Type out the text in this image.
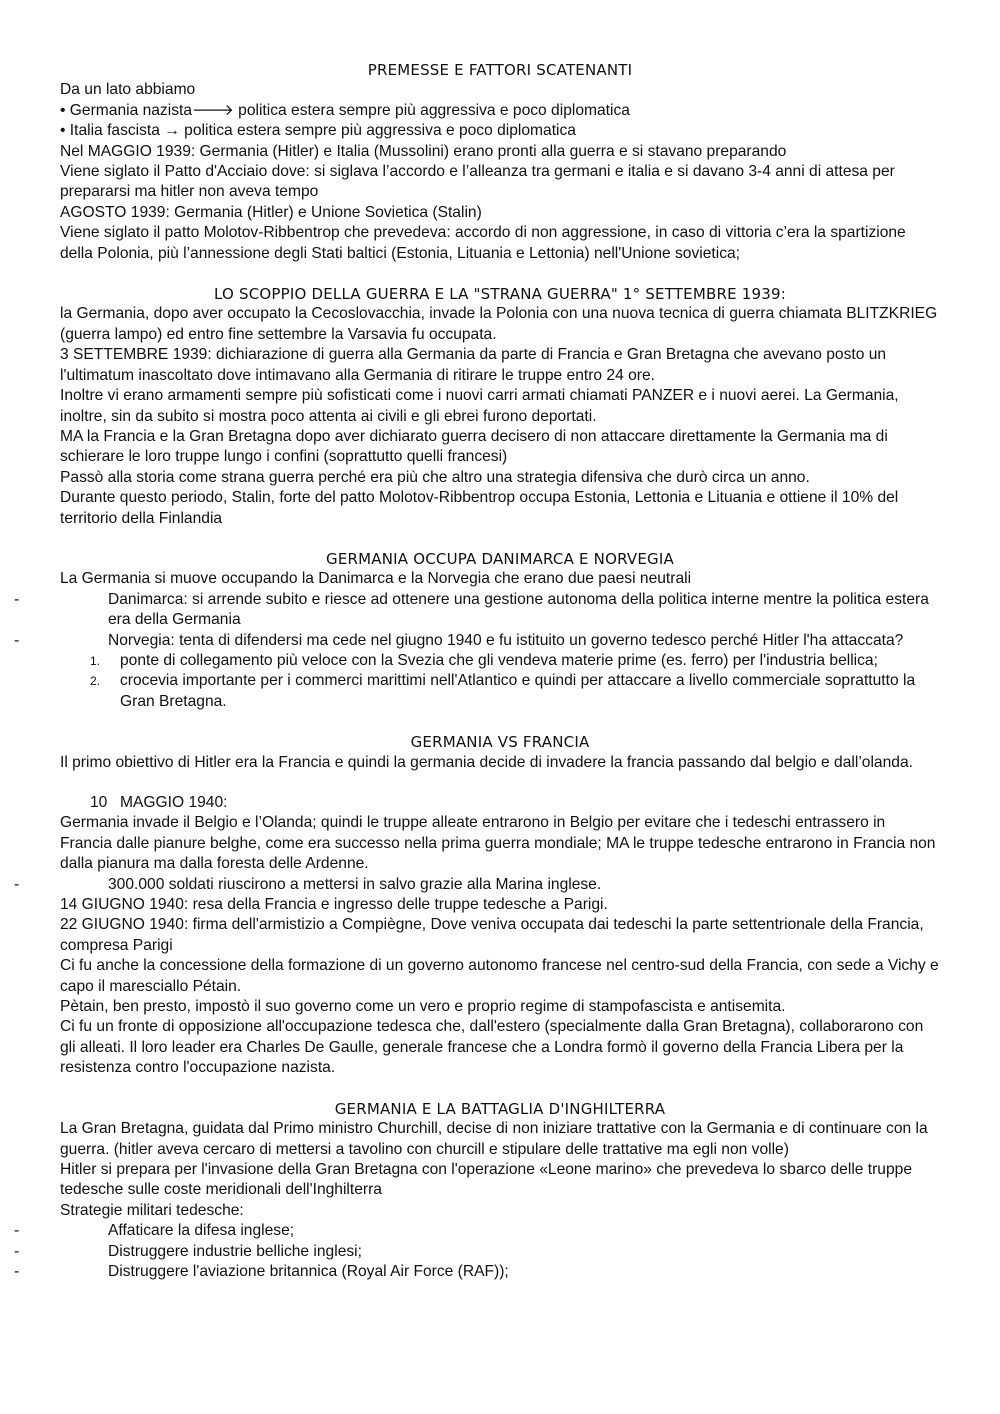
PREMESSE E FATTORI SCATENANTI

Da un lato abbiamo

• Germania nazista🡒 politica estera sempre più aggressiva e poco diplomatica

• Italia fascista → politica estera sempre più aggressiva e poco diplomatica

Nel MAGGIO 1939: Germania (Hitler) e Italia (Mussolini) erano pronti alla guerra e si stavano preparando

Viene siglato il Patto d'Acciaio dove: si siglava l’accordo e l’alleanza tra germani e italia e si davano 3-4 anni di attesa per prepararsi ma hitler non aveva tempo

AGOSTO 1939: Germania (Hitler) e Unione Sovietica (Stalin)

Viene siglato il patto Molotov-Ribbentrop che prevedeva: accordo di non aggressione, in caso di vittoria c’era la spartizione della Polonia, più l’annessione degli Stati baltici (Estonia, Lituania e Lettonia) nell'Unione sovietica;

LO SCOPPIO DELLA GUERRA E LA "STRANA GUERRA" 1° SETTEMBRE 1939:

la Germania, dopo aver occupato la Cecoslovacchia, invade la Polonia con una nuova tecnica di guerra chiamata BLITZKRIEG (guerra lampo) ed entro fine settembre la Varsavia fu occupata.

3 SETTEMBRE 1939: dichiarazione di guerra alla Germania da parte di Francia e Gran Bretagna che avevano posto un l'ultimatum inascoltato dove intimavano alla Germania di ritirare le truppe entro 24 ore.

Inoltre vi erano armamenti sempre più sofisticati come i nuovi carri armati chiamati PANZER e i nuovi aerei. La Germania, inoltre, sin da subito si mostra poco attenta ai civili e gli ebrei furono deportati.

MA la Francia e la Gran Bretagna dopo aver dichiarato guerra decisero di non attaccare direttamente la Germania ma di schierare le loro truppe lungo i confini (soprattutto quelli francesi)

Passò alla storia come strana guerra perché era più che altro una strategia difensiva che durò circa un anno.

Durante questo periodo, Stalin, forte del patto Molotov-Ribbentrop occupa Estonia, Lettonia e Lituania e ottiene il 10% del territorio della Finlandia

GERMANIA OCCUPA DANIMARCA E NORVEGIA

La Germania si muove occupando la Danimarca e la Norvegia che erano due paesi neutrali

-	Danimarca: si arrende subito e riesce ad ottenere una gestione autonoma della politica interne mentre la politica estera era della Germania
-	Norvegia: tenta di difendersi ma cede nel giugno 1940 e fu istituito un governo tedesco perché Hitler l'ha attaccata?
1.	ponte di collegamento più veloce con la Svezia che gli vendeva materie prime (es. ferro) per l'industria bellica;
2.	crocevia importante per i commerci marittimi nell'Atlantico e quindi per attaccare a livello commerciale soprattutto la Gran Bretagna.
GERMANIA VS FRANCIA

Il primo obiettivo di Hitler era la Francia e quindi la germania decide di invadere la francia passando dal belgio e dall’olanda.

10 MAGGIO 1940:

Germania invade il Belgio e l’Olanda; quindi le truppe alleate entrarono in Belgio per evitare che i tedeschi entrassero in Francia dalle pianure belghe, come era successo nella prima guerra mondiale; MA le truppe tedesche entrarono in Francia non dalla pianura ma dalla foresta delle Ardenne.

-	300.000 soldati riuscirono a mettersi in salvo grazie alla Marina inglese.

14 GIUGNO 1940: resa della Francia e ingresso delle truppe tedesche a Parigi.

22 GIUGNO 1940: firma dell'armistizio a Compiègne, Dove veniva occupata dai tedeschi la parte settentrionale della Francia, compresa Parigi

Ci fu anche la concessione della formazione di un governo autonomo francese nel centro-sud della Francia, con sede a Vichy e capo il maresciallo Pétain.

Pètain, ben presto, impostò il suo governo come un vero e proprio regime di stampofascista e antisemita.

Ci fu un fronte di opposizione all'occupazione tedesca che, dall'estero (specialmente dalla Gran Bretagna), collaborarono con gli alleati. Il loro leader era Charles De Gaulle, generale francese che a Londra formò il governo della Francia Libera per la resistenza contro l'occupazione nazista.

GERMANIA E LA BATTAGLIA D'INGHILTERRA

La Gran Bretagna, guidata dal Primo ministro Churchill, decise di non iniziare trattative con la Germania e di continuare con la guerra. (hitler aveva cercaro di mettersi a tavolino con churcill e stipulare delle trattative ma egli non volle)

Hitler si prepara per l'invasione della Gran Bretagna con l'operazione «Leone marino» che prevedeva lo sbarco delle truppe tedesche sulle coste meridionali dell'Inghilterra

Strategie militari tedesche:

-	Affaticare la difesa inglese;
-	Distruggere industrie belliche inglesi;
-	Distruggere l'aviazione britannica (Royal Air Force (RAF));
